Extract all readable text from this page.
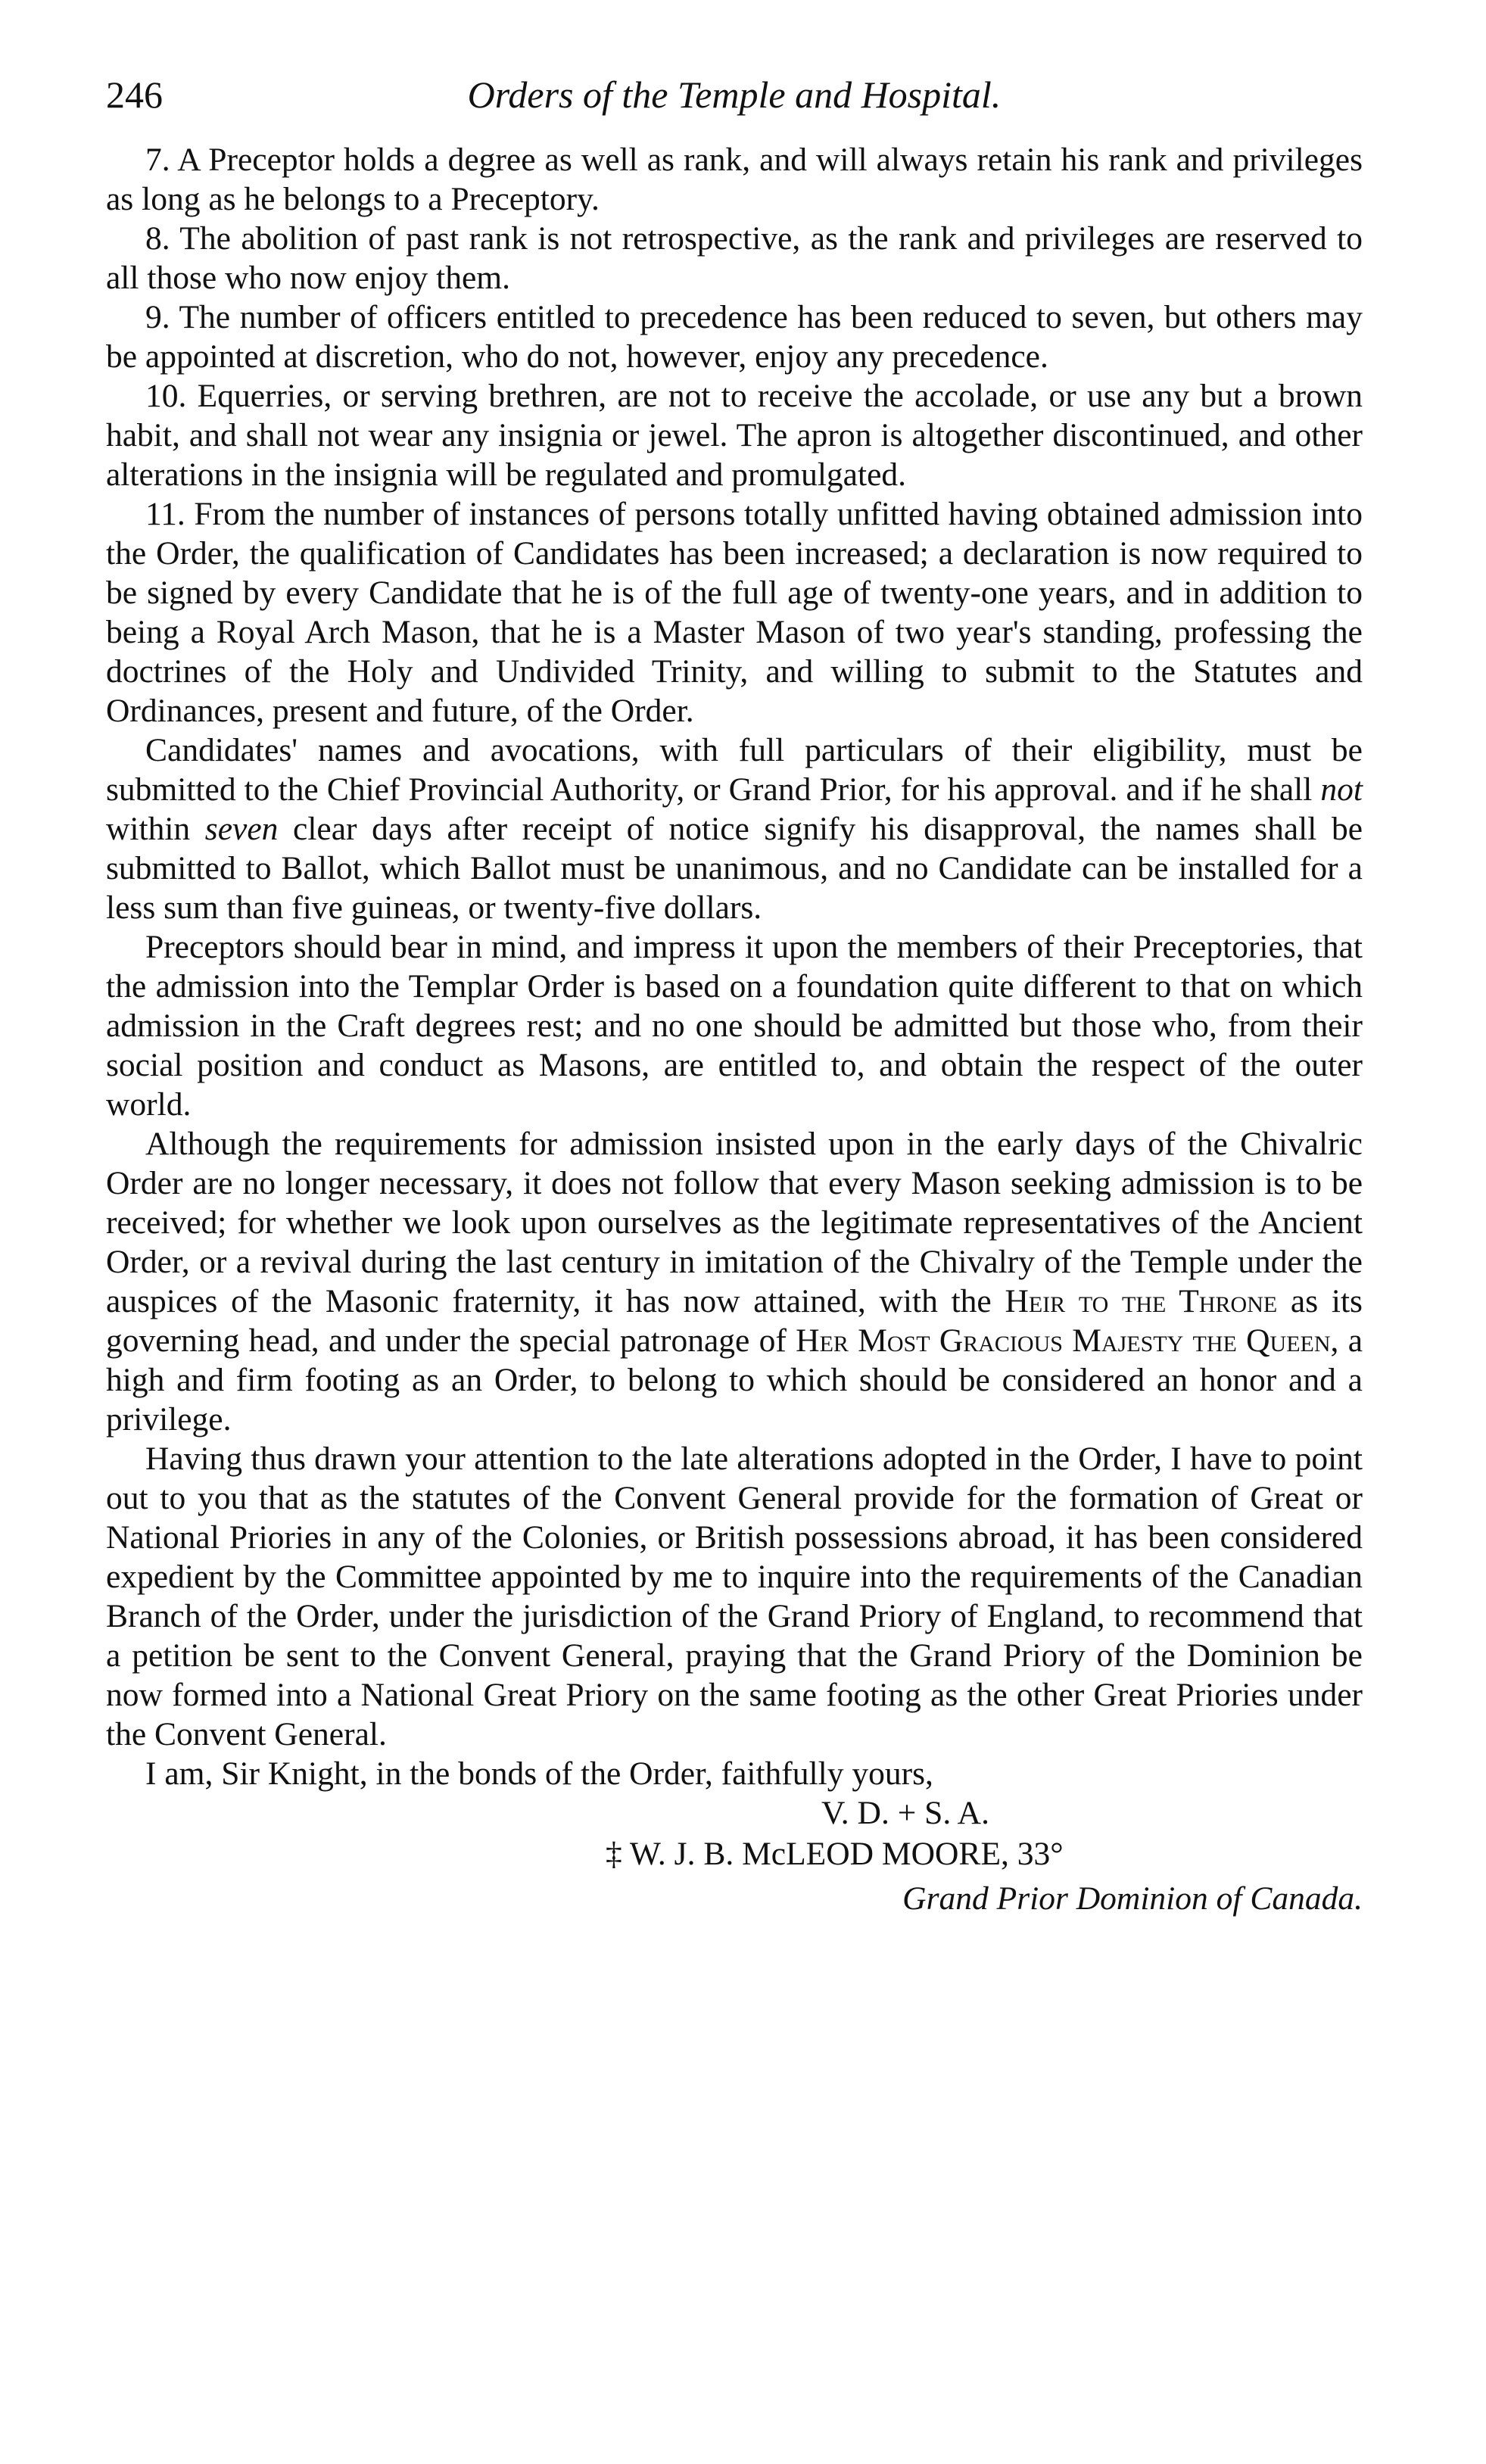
246	Orders of the Temple and Hospital.

7. A Preceptor holds a degree as well as rank, and will always retain his rank and privileges as long as he belongs to a Preceptory.

8. The abolition of past rank is not retrospective, as the rank and privileges are reserved to all those who now enjoy them.

9. The number of officers entitled to precedence has been reduced to seven, but others may be appointed at discretion, who do not, however, enjoy any precedence.

10. Equerries, or serving brethren, are not to receive the accolade, or use any but a brown habit, and shall not wear any insignia or jewel. The apron is altogether discontinued, and other alterations in the insignia will be regulated and promulgated.

11. From the number of instances of persons totally unfitted having obtained admission into the Order, the qualification of Candidates has been increased; a declaration is now required to be signed by every Candidate that he is of the full age of twenty-one years, and in addition to being a Royal Arch Mason, that he is a Master Mason of two year's standing, professing the doctrines of the Holy and Undivided Trinity, and willing to submit to the Statutes and Ordinances, present and future, of the Order.

Candidates' names and avocations, with full particulars of their eligibility, must be submitted to the Chief Provincial Authority, or Grand Prior, for his approval. and if he shall not within seven clear days after receipt of notice signify his disapproval, the names shall be submitted to Ballot, which Ballot must be unanimous, and no Candidate can be installed for a less sum than five guineas, or twenty-five dollars.

Preceptors should bear in mind, and impress it upon the members of their Preceptories, that the admission into the Templar Order is based on a foundation quite different to that on which admission in the Craft degrees rest; and no one should be admitted but those who, from their social position and conduct as Masons, are entitled to, and obtain the respect of the outer world.

Although the requirements for admission insisted upon in the early days of the Chivalric Order are no longer necessary, it does not follow that every Mason seeking admission is to be received; for whether we look upon ourselves as the legitimate representatives of the Ancient Order, or a revival during the last century in imitation of the Chivalry of the Temple under the auspices of the Masonic fraternity, it has now attained, with the Heir to the Throne as its governing head, and under the special patronage of Her Most Gracious Majesty the Queen, a high and firm footing as an Order, to belong to which should be considered an honor and a privilege.

Having thus drawn your attention to the late alterations adopted in the Order, I have to point out to you that as the statutes of the Convent General provide for the formation of Great or National Priories in any of the Colonies, or British possessions abroad, it has been considered expedient by the Committee appointed by me to inquire into the requirements of the Canadian Branch of the Order, under the jurisdiction of the Grand Priory of England, to recommend that a petition be sent to the Convent General, praying that the Grand Priory of the Dominion be now formed into a National Great Priory on the same footing as the other Great Priories under the Convent General.

I am, Sir Knight, in the bonds of the Order, faithfully yours,

V. D. + S. A.

‡ W. J. B. McLEOD MOORE, 33°

Grand Prior Dominion of Canada.
